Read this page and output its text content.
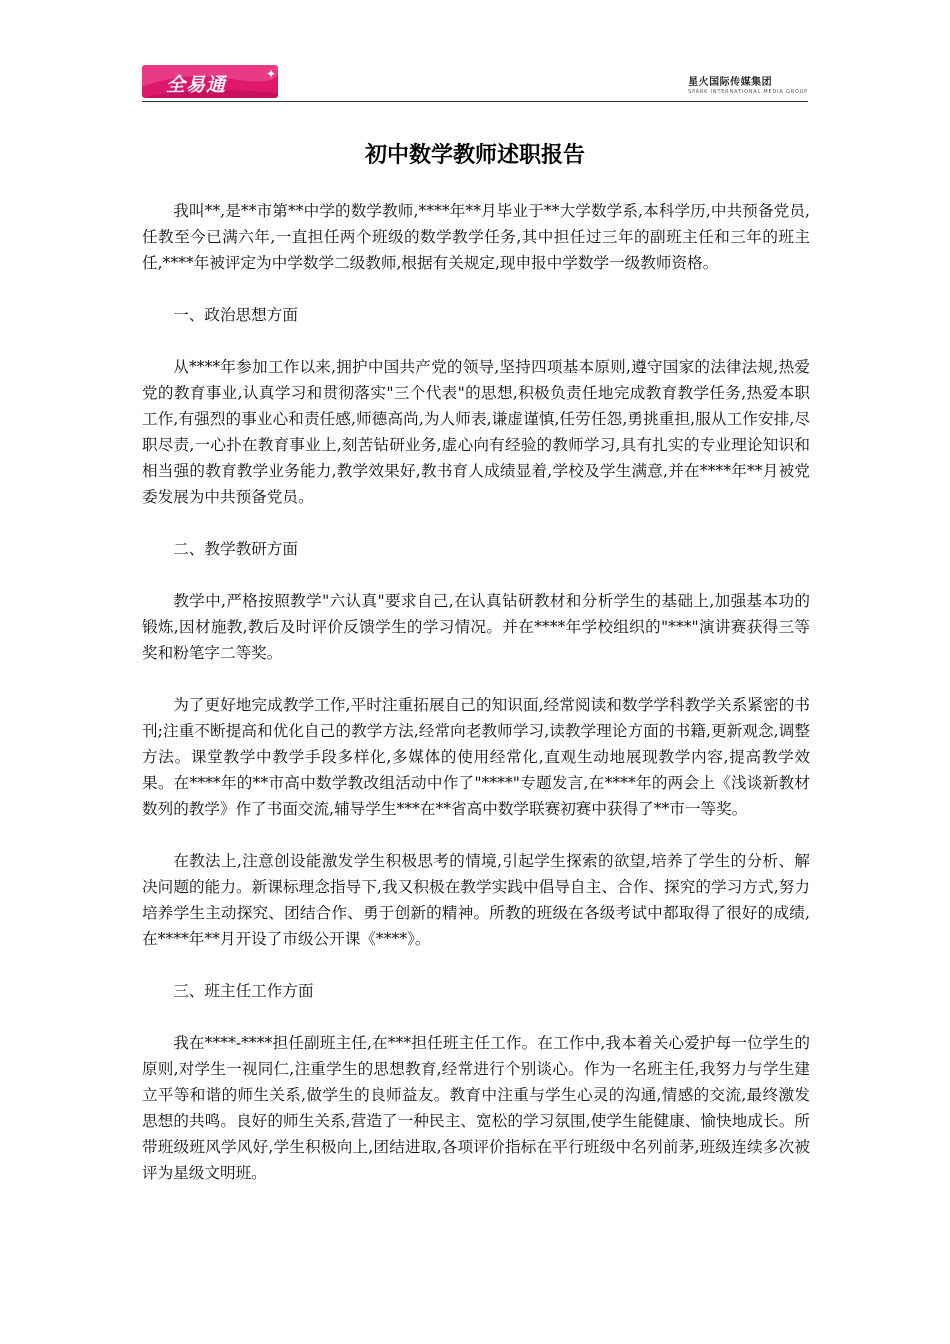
全易通	✦
星火国际传媒集团
SPARK INTERNATIONAL MEDIA GROUP
初中数学教师述职报告

我叫**,是**市第**中学的数学教师,****年**月毕业于**大学数学系,本科学历,中共预备党员,任教至今已满六年,一直担任两个班级的数学教学任务,其中担任过三年的副班主任和三年的班主任,****年被评定为中学数学二级教师,根据有关规定,现申报中学数学一级教师资格。

一、政治思想方面

从****年参加工作以来,拥护中国共产党的领导,坚持四项基本原则,遵守国家的法律法规,热爱党的教育事业,认真学习和贯彻落实"三个代表"的思想,积极负责任地完成教育教学任务,热爱本职工作,有强烈的事业心和责任感,师德高尚,为人师表,谦虚谨慎,任劳任怨,勇挑重担,服从工作安排,尽职尽责,一心扑在教育事业上,刻苦钻研业务,虚心向有经验的教师学习,具有扎实的专业理论知识和相当强的教育教学业务能力,教学效果好,教书育人成绩显着,学校及学生满意,并在****年**月被党委发展为中共预备党员。

二、教学教研方面

教学中,严格按照教学"六认真"要求自己,在认真钻研教材和分析学生的基础上,加强基本功的锻炼,因材施教,教后及时评价反馈学生的学习情况。并在****年学校组织的"***"演讲赛获得三等奖和粉笔字二等奖。

为了更好地完成教学工作,平时注重拓展自己的知识面,经常阅读和数学学科教学关系紧密的书刊;注重不断提高和优化自己的教学方法,经常向老教师学习,读教学理论方面的书籍,更新观念,调整方法。课堂教学中教学手段多样化,多媒体的使用经常化,直观生动地展现教学内容,提高教学效果。在****年的**市高中数学教改组活动中作了"****"专题发言,在****年的两会上《浅谈新教材数列的教学》作了书面交流,辅导学生***在**省高中数学联赛初赛中获得了**市一等奖。

在教法上,注意创设能激发学生积极思考的情境,引起学生探索的欲望,培养了学生的分析、解决问题的能力。新课标理念指导下,我又积极在教学实践中倡导自主、合作、探究的学习方式,努力培养学生主动探究、团结合作、勇于创新的精神。所教的班级在各级考试中都取得了很好的成绩,在****年**月开设了市级公开课《****》。

三、班主任工作方面

我在****-****担任副班主任,在***担任班主任工作。在工作中,我本着关心爱护每一位学生的原则,对学生一视同仁,注重学生的思想教育,经常进行个别谈心。作为一名班主任,我努力与学生建立平等和谐的师生关系,做学生的良师益友。教育中注重与学生心灵的沟通,情感的交流,最终激发思想的共鸣。良好的师生关系,营造了一种民主、宽松的学习氛围,使学生能健康、愉快地成长。所带班级班风学风好,学生积极向上,团结进取,各项评价指标在平行班级中名列前茅,班级连续多次被评为星级文明班。
